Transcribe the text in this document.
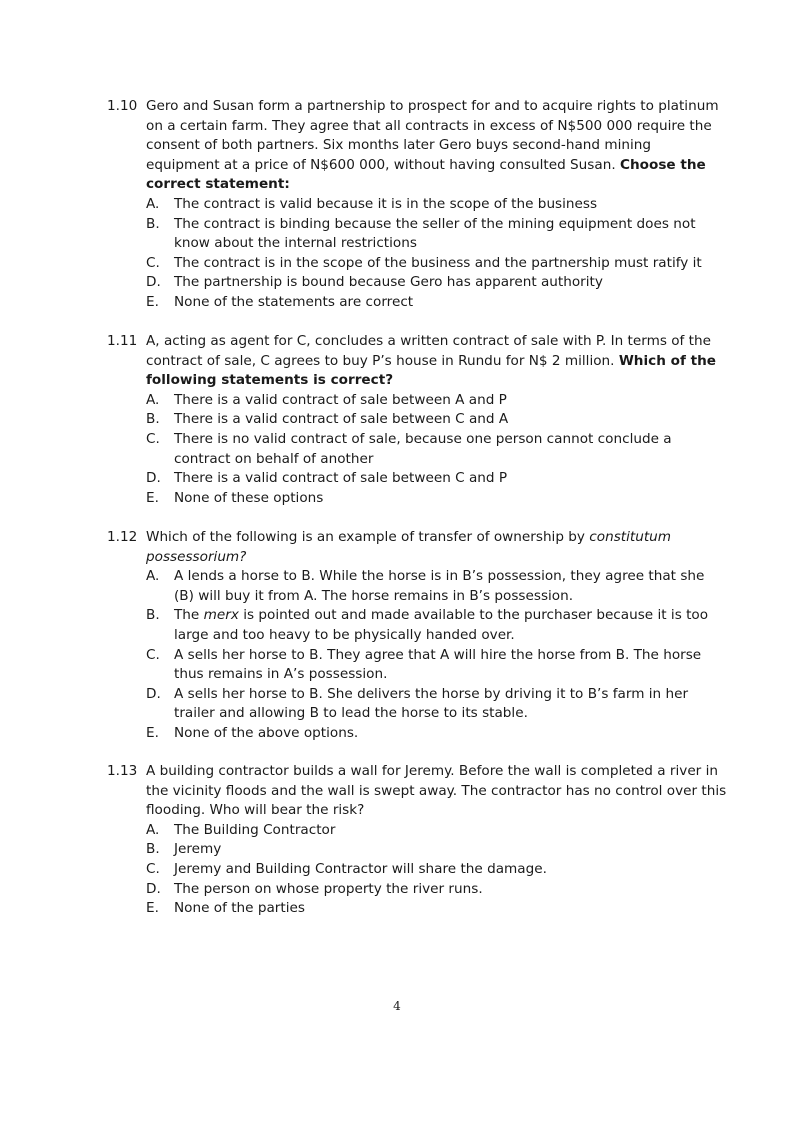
1.10 Gero and Susan form a partnership to prospect for and to acquire rights to platinum on a certain farm. They agree that all contracts in excess of N$500 000 require the consent of both partners. Six months later Gero buys second-hand mining equipment at a price of N$600 000, without having consulted Susan. Choose the correct statement:
A.	The contract is valid because it is in the scope of the business
B.	The contract is binding because the seller of the mining equipment does not know about the internal restrictions
C.	The contract is in the scope of the business and the partnership must ratify it
D. The partnership is bound because Gero has apparent authority
E.	None of the statements are correct
1.11 A, acting as agent for C, concludes a written contract of sale with P. In terms of the contract of sale, C agrees to buy P’s house in Rundu for N$ 2 million. Which of the following statements is correct?
A.	There is a valid contract of sale between A and P
B.	There is a valid contract of sale between C and A
C.	There is no valid contract of sale, because one person cannot conclude a contract on behalf of another
D. There is a valid contract of sale between C and P
E.	None of these options
1.12 Which of the following is an example of transfer of ownership by constitutum possessorium?
A.	A lends a horse to B. While the horse is in B’s possession, they agree that she (B) will buy it from A. The horse remains in B’s possession.
B.	The merx is pointed out and made available to the purchaser because it is too large and too heavy to be physically handed over.
C.	A sells her horse to B. They agree that A will hire the horse from B. The horse thus remains in A’s possession.
D. A sells her horse to B. She delivers the horse by driving it to B’s farm in her trailer and allowing B to lead the horse to its stable.
E.	None of the above options.
1.13 A building contractor builds a wall for Jeremy. Before the wall is completed a river in the vicinity floods and the wall is swept away. The contractor has no control over this flooding. Who will bear the risk?
A.	The Building Contractor
B.	Jeremy
C.	Jeremy and Building Contractor will share the damage.
D. The person on whose property the river runs.
E.	None of the parties
4
